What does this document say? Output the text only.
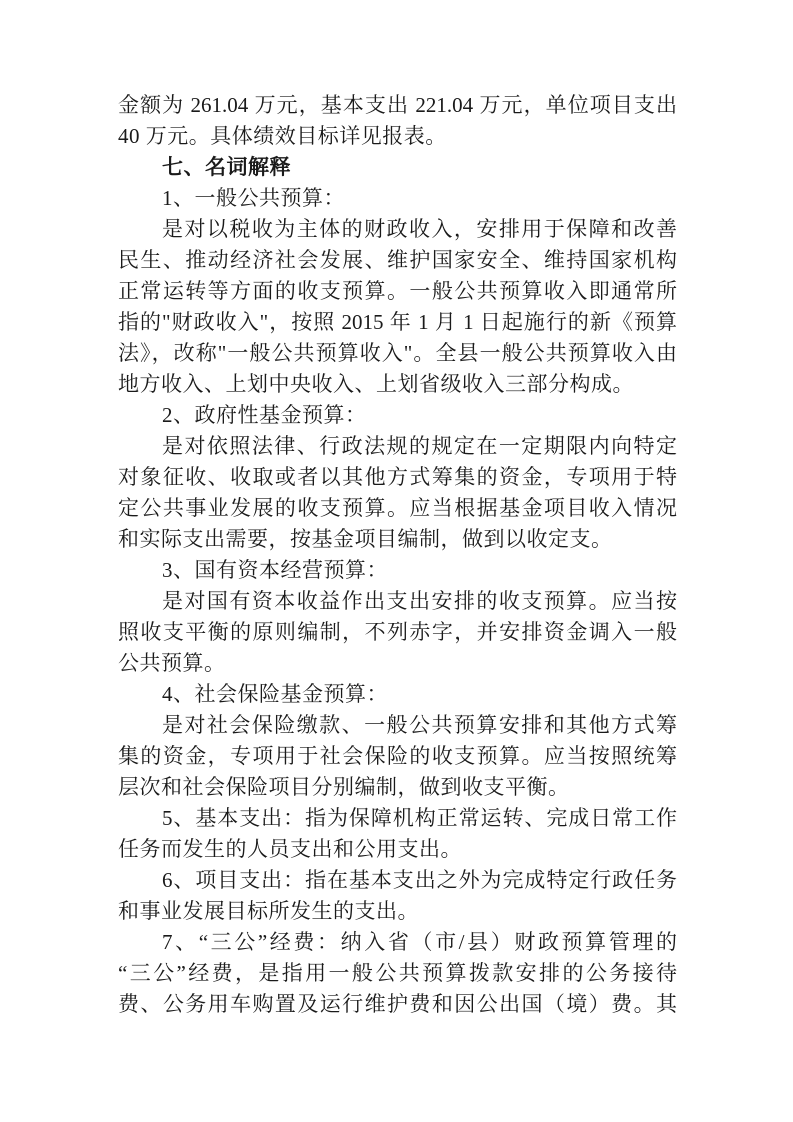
金额为 261.04 万元，基本支出 221.04 万元，单位项目支出
40 万元。具体绩效目标详见报表。
七、名词解释
1、一般公共预算：
是对以税收为主体的财政收入，安排用于保障和改善
民生、推动经济社会发展、维护国家安全、维持国家机构
正常运转等方面的收支预算。一般公共预算收入即通常所
指的"财政收入"，按照 2015 年 1 月 1 日起施行的新《预算
法》，改称"一般公共预算收入"。全县一般公共预算收入由
地方收入、上划中央收入、上划省级收入三部分构成。
2、政府性基金预算：
是对依照法律、行政法规的规定在一定期限内向特定
对象征收、收取或者以其他方式筹集的资金，专项用于特
定公共事业发展的收支预算。应当根据基金项目收入情况
和实际支出需要，按基金项目编制，做到以收定支。
3、国有资本经营预算：
是对国有资本收益作出支出安排的收支预算。应当按
照收支平衡的原则编制，不列赤字，并安排资金调入一般
公共预算。
4、社会保险基金预算：
是对社会保险缴款、一般公共预算安排和其他方式筹
集的资金，专项用于社会保险的收支预算。应当按照统筹
层次和社会保险项目分别编制，做到收支平衡。
5、基本支出：指为保障机构正常运转、完成日常工作
任务而发生的人员支出和公用支出。
6、项目支出：指在基本支出之外为完成特定行政任务
和事业发展目标所发生的支出。
7、“三公”经费：纳入省（市/县）财政预算管理的
“三公”经费，是指用一般公共预算拨款安排的公务接待
费、公务用车购置及运行维护费和因公出国（境）费。其
